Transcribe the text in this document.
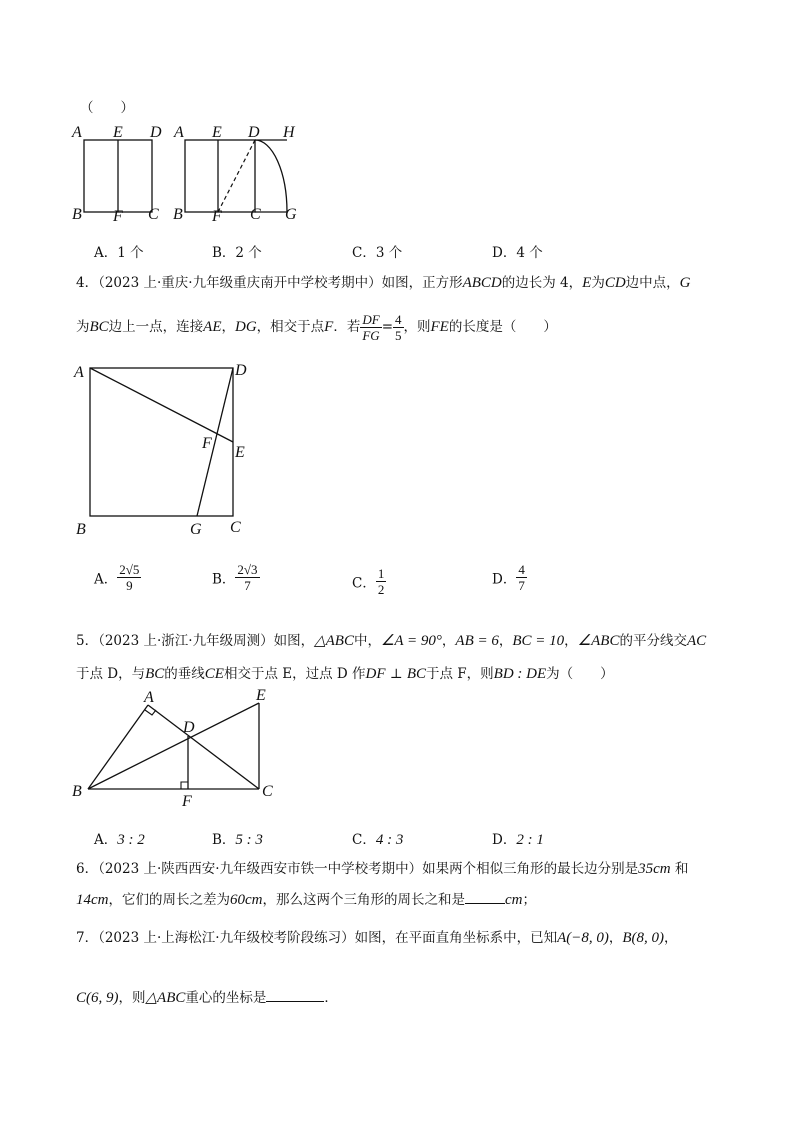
（　　）
A E D
B F C
A E D H
B F C G
A．1 个	B．2 个	C．3 个	D．4 个
4．（2023 上·重庆·九年级重庆南开中学校考期中）如图，正方形ABCD的边长为 4，E为CD边中点，G
为BC边上一点，连接AE，DG，相交于点F．若 $\frac{DF}{FG} = \frac{4}{5}$ ，则FE的长度是（　　）
A	D
F
E
B	G C
A． $\frac{2√5}{9}$	B． $\frac{2√3}{7}$	C． $\frac{1}{2}$	D． $\frac{4}{7}$
5．（2023 上·浙江·九年级周测）如图，△ABC中，∠A = 90°，AB = 6，BC = 10，∠ABC的平分线交AC
于点 D，与BC的垂线CE相交于点 E，过点 D 作DF ⊥ BC于点 F，则BD : DE为（　　）
A	E
D
B
F
C
A．3 : 2	B．5 : 3	C．4 : 3	D．2 : 1
6．（2023 上·陕西西安·九年级西安市铁一中学校考期中）如果两个相似三角形的最长边分别是35cm 和
14cm，它们的周长之差为60cm，那么这两个三角形的周长之和是	cm；
7．（2023 上·上海松江·九年级校考阶段练习）如图，在平面直角坐标系中，已知A(−8, 0)，B(8, 0)，
C(6, 9)，则△ABC重心的坐标是	．
